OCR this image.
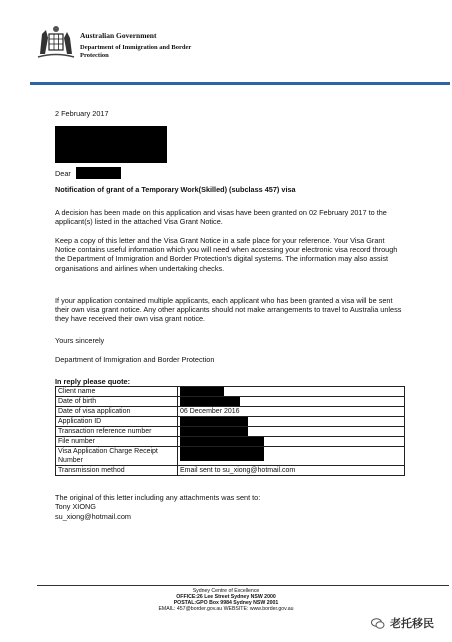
Australian Government
Department of Immigration and Border Protection
2 February 2017
Dear
Notification of grant of a Temporary Work(Skilled) (subclass 457) visa
A decision has been made on this application and visas have been granted on 02 February 2017 to the applicant(s) listed in the attached Visa Grant Notice.
Keep a copy of this letter and the Visa Grant Notice in a safe place for your reference. Your Visa Grant Notice contains useful information which you will need when accessing your electronic visa record through the Department of Immigration and Border Protection's digital systems. The information may also assist organisations and airlines when undertaking checks.
If your application contained multiple applicants, each applicant who has been granted a visa will be sent their own visa grant notice. Any other applicants should not make arrangements to travel to Australia unless they have received their own visa grant notice.
Yours sincerely
Department of Immigration and Border Protection
In reply please quote:
Client name	
Date of birth	
Date of visa application	06 December 2016
Application ID	
Transaction reference number	
File number	
Visa Application Charge Receipt Number	
Transmission method	Email sent to su_xiong@hotmail.com
The original of this letter including any attachments was sent to:
Tony XIONG
su_xiong@hotmail.com
Sydney Centre of Excellence
OFFICE:26 Lee Street Sydney NSW 2000
POSTAL:GPO Box 9984 Sydney NSW 2001
EMAIL: 457@border.gov.au WEBSITE: www.border.gov.au
老托移民
